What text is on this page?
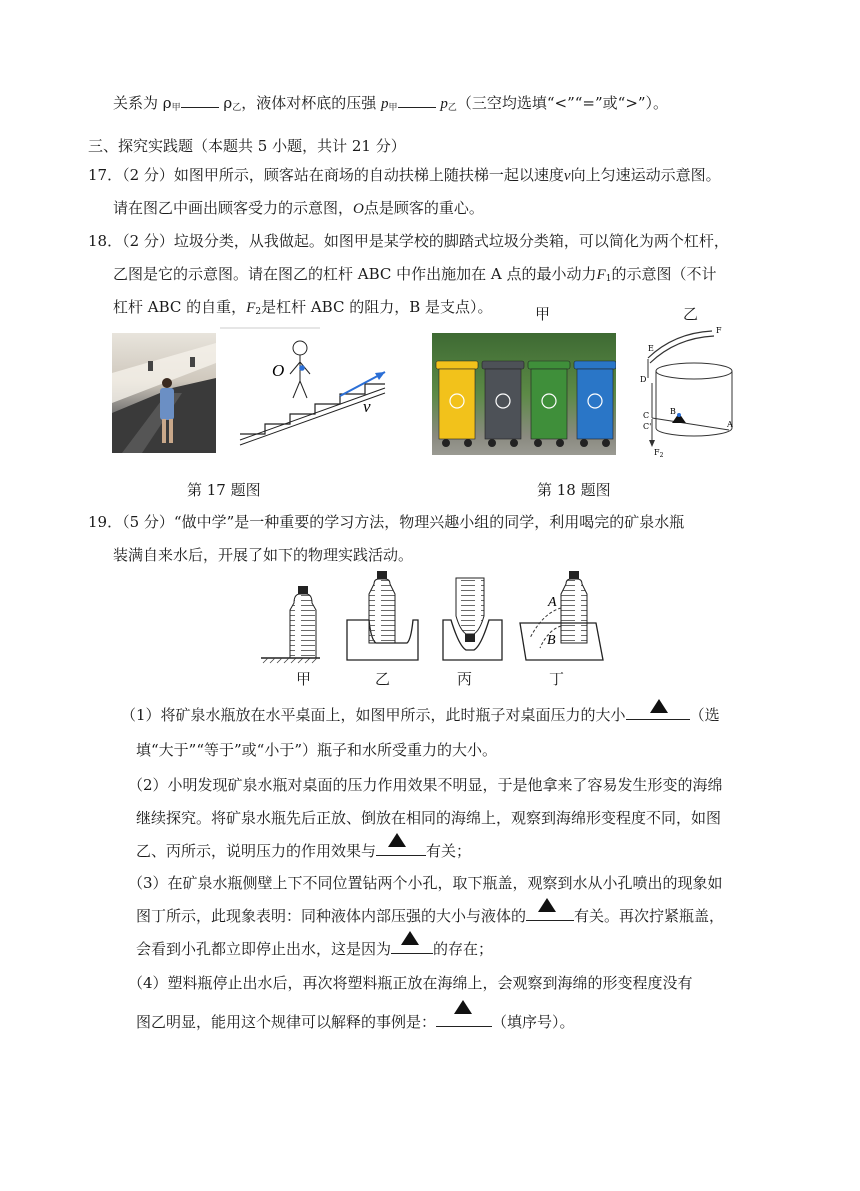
关系为 $\rho_甲$	$\rho_乙$，液体对杯底的压强 $p_甲$	$p_乙$（三空均选填“<”“=”或“>”）。
三、探究实践题（本题共 5 小题，共计 21 分）
17．（2 分）如图甲所示，顾客站在商场的自动扶梯上随扶梯一起以速度v向上匀速运动示意图。
请在图乙中画出顾客受力的示意图，O点是顾客的重心。
18．（2 分）垃圾分类，从我做起。如图甲是某学校的脚踏式垃圾分类箱，可以简化为两个杠杆，
乙图是它的示意图。请在图乙的杠杆 ABC 中作出施加在 A 点的最小动力$F_1$的示意图（不计
杠杆 ABC 的自重，$F_2$是杠杆 ABC 的阻力，B 是支点）。	甲	乙
O
v
E
F
D
B
C
C'	A
$F_2$
第 17 题图	第 18 题图
19．（5 分）“做中学”是一种重要的学习方法，物理兴趣小组的同学，利用喝完的矿泉水瓶
装满自来水后，开展了如下的物理实践活动。
A
B
甲	乙	丙	丁
（1）将矿泉水瓶放在水平桌面上，如图甲所示，此时瓶子对桌面压力的大小	（选
填“大于”“等于”或“小于”）瓶子和水所受重力的大小。
（2）小明发现矿泉水瓶对桌面的压力作用效果不明显，于是他拿来了容易发生形变的海绵
继续探究。将矿泉水瓶先后正放、倒放在相同的海绵上，观察到海绵形变程度不同，如图
乙、丙所示，说明压力的作用效果与	有关；
（3）在矿泉水瓶侧壁上下不同位置钻两个小孔，取下瓶盖，观察到水从小孔喷出的现象如
图丁所示，此现象表明：同种液体内部压强的大小与液体的	有关。再次拧紧瓶盖，
会看到小孔都立即停止出水，这是因为	的存在；
（4）塑料瓶停止出水后，再次将塑料瓶正放在海绵上，会观察到海绵的形变程度没有
图乙明显，能用这个规律可以解释的事例是：	（填序号）。
